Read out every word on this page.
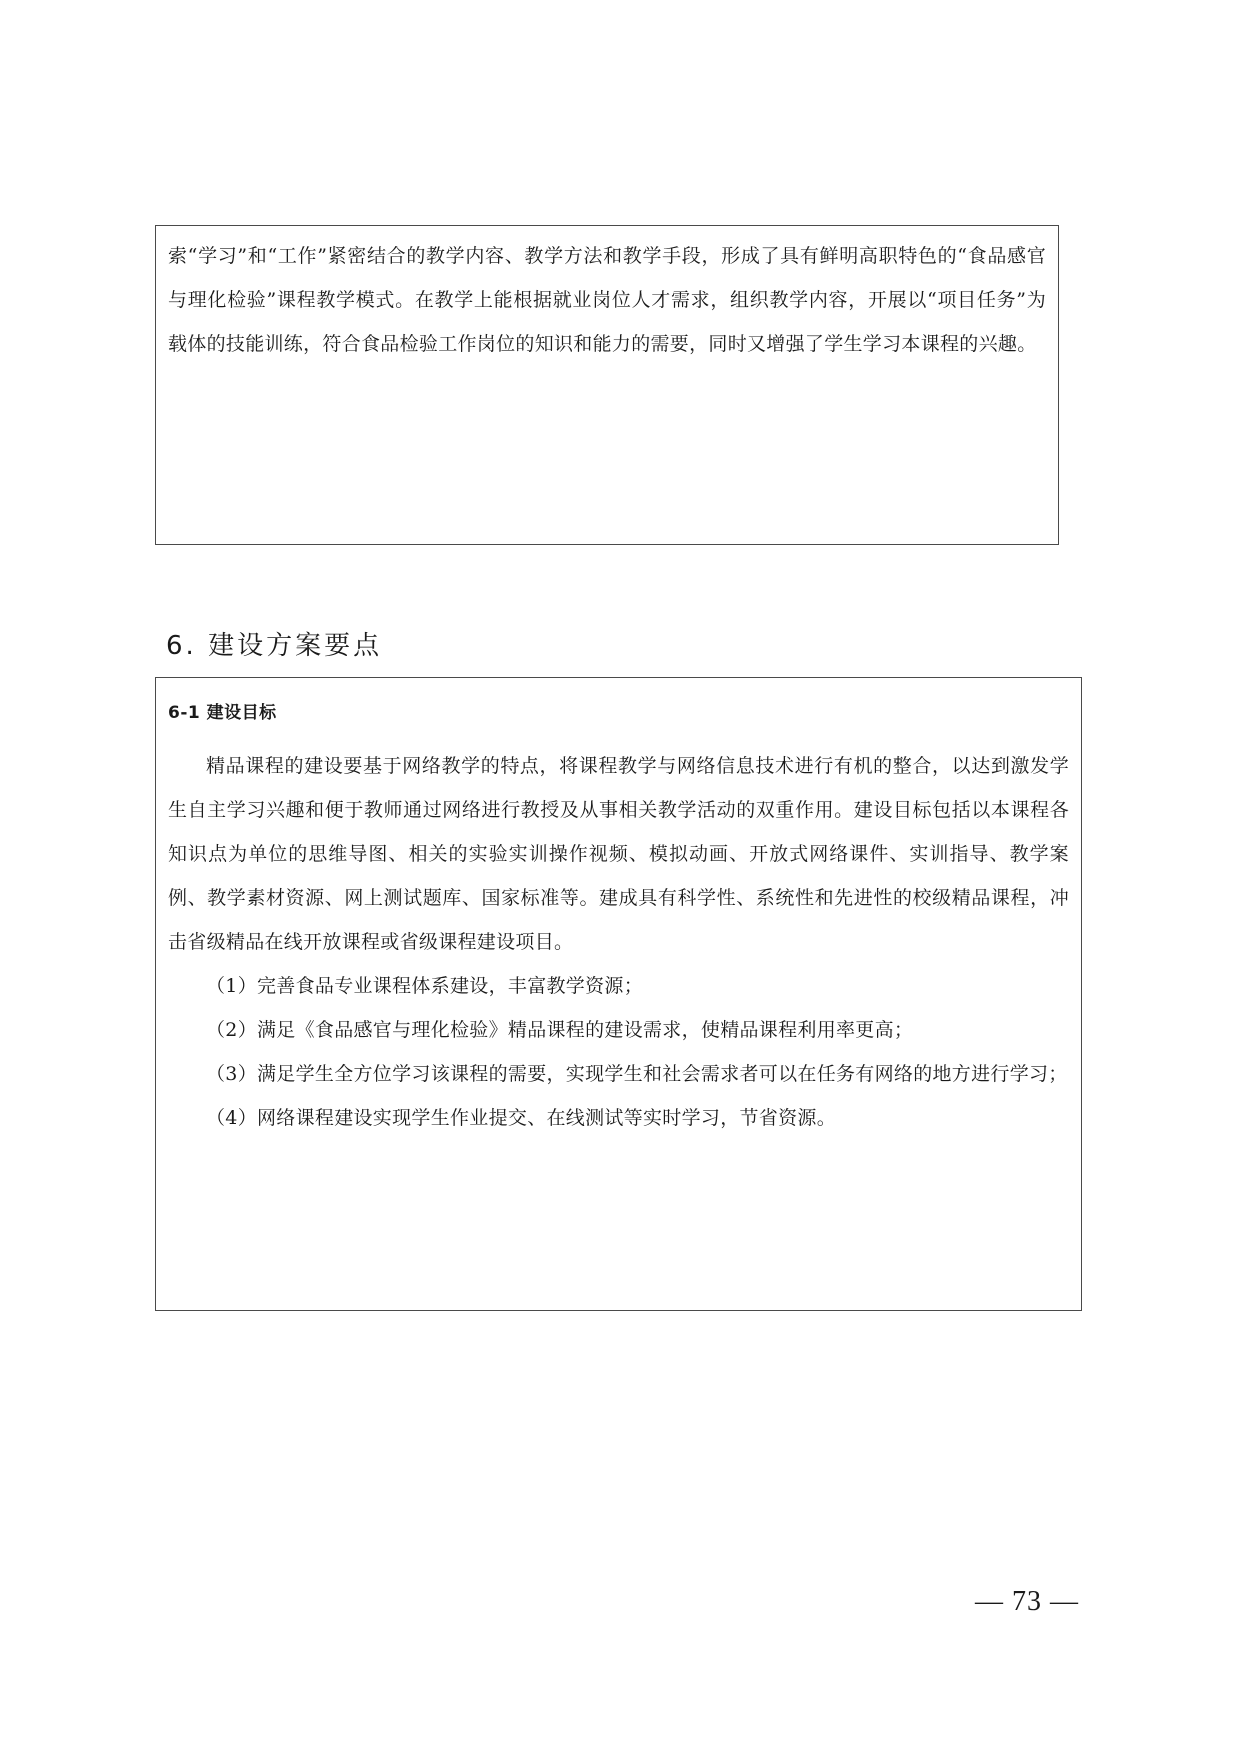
索“学习”和“工作”紧密结合的教学内容、教学方法和教学手段，形成了具有鲜明高职特色的“食品感官与理化检验”课程教学模式。在教学上能根据就业岗位人才需求，组织教学内容，开展以“项目任务”为载体的技能训练，符合食品检验工作岗位的知识和能力的需要，同时又增强了学生学习本课程的兴趣。

6. 建设方案要点

6-1 建设目标

精品课程的建设要基于网络教学的特点，将课程教学与网络信息技术进行有机的整合，以达到激发学生自主学习兴趣和便于教师通过网络进行教授及从事相关教学活动的双重作用。建设目标包括以本课程各知识点为单位的思维导图、相关的实验实训操作视频、模拟动画、开放式网络课件、实训指导、教学案例、教学素材资源、网上测试题库、国家标准等。建成具有科学性、系统性和先进性的校级精品课程，冲击省级精品在线开放课程或省级课程建设项目。

（1）完善食品专业课程体系建设，丰富教学资源；

（2）满足《食品感官与理化检验》精品课程的建设需求，使精品课程利用率更高；

（3）满足学生全方位学习该课程的需要，实现学生和社会需求者可以在任务有网络的地方进行学习；

（4）网络课程建设实现学生作业提交、在线测试等实时学习，节省资源。

— 73 —
